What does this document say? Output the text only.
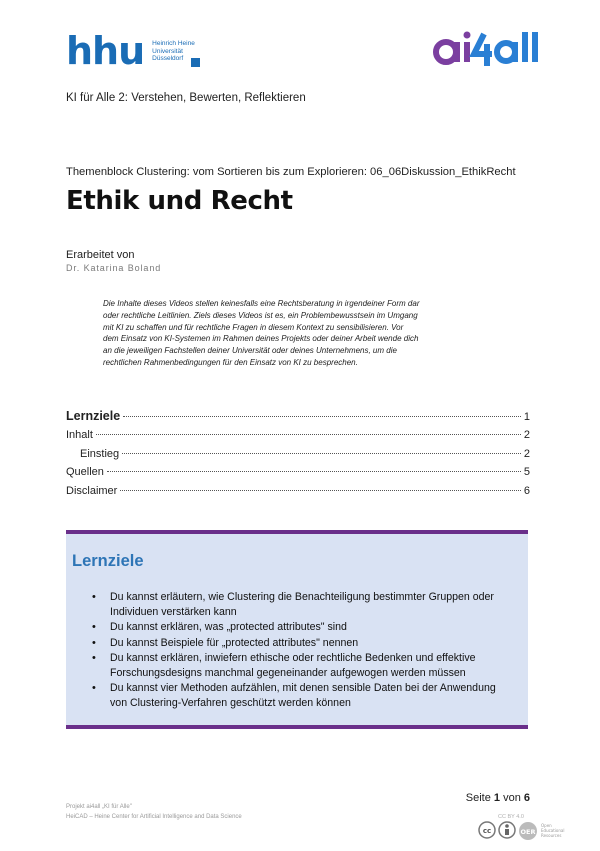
hhu Heinrich Heine
Universität
Düsseldorf
KI für Alle 2: Verstehen, Bewerten, Reflektieren
Themenblock Clustering: vom Sortieren bis zum Explorieren: 06_06Diskussion_EthikRecht
Ethik und Recht
Erarbeitet von
Dr. Katarina Boland
Die Inhalte dieses Videos stellen keinesfalls eine Rechtsberatung in irgendeiner Form dar
oder rechtliche Leitlinien. Ziels dieses Videos ist es, ein Problembewusstsein im Umgang
mit KI zu schaffen und für rechtliche Fragen in diesem Kontext zu sensibilisieren. Vor
dem Einsatz von KI-Systemen im Rahmen deines Projekts oder deiner Arbeit wende dich
an die jeweiligen Fachstellen deiner Universität oder deines Unternehmens, um die
rechtlichen Rahmenbedingungen für den Einsatz von KI zu besprechen.
Lernziele	1
Inhalt	2
Einstieg	2
Quellen	5
Disclaimer	6
Lernziele
• Du kannst erläutern, wie Clustering die Benachteiligung bestimmter Gruppen oder
Individuen verstärken kann
• Du kannst erklären, was „protected attributes" sind
• Du kannst Beispiele für „protected attributes" nennen
• Du kannst erklären, inwiefern ethische oder rechtliche Bedenken und effektive
Forschungsdesigns manchmal gegeneinander aufgewogen werden müssen
• Du kannst vier Methoden aufzählen, mit denen sensible Daten bei der Anwendung
von Clustering-Verfahren geschützt werden können
Seite 1 von 6
Projekt ai4all „KI für Alle"
HeiCAD – Heine Center for Artificial Intelligence and Data Science	CC BY 4.0
cc	OER
Open
Educational
Resources
